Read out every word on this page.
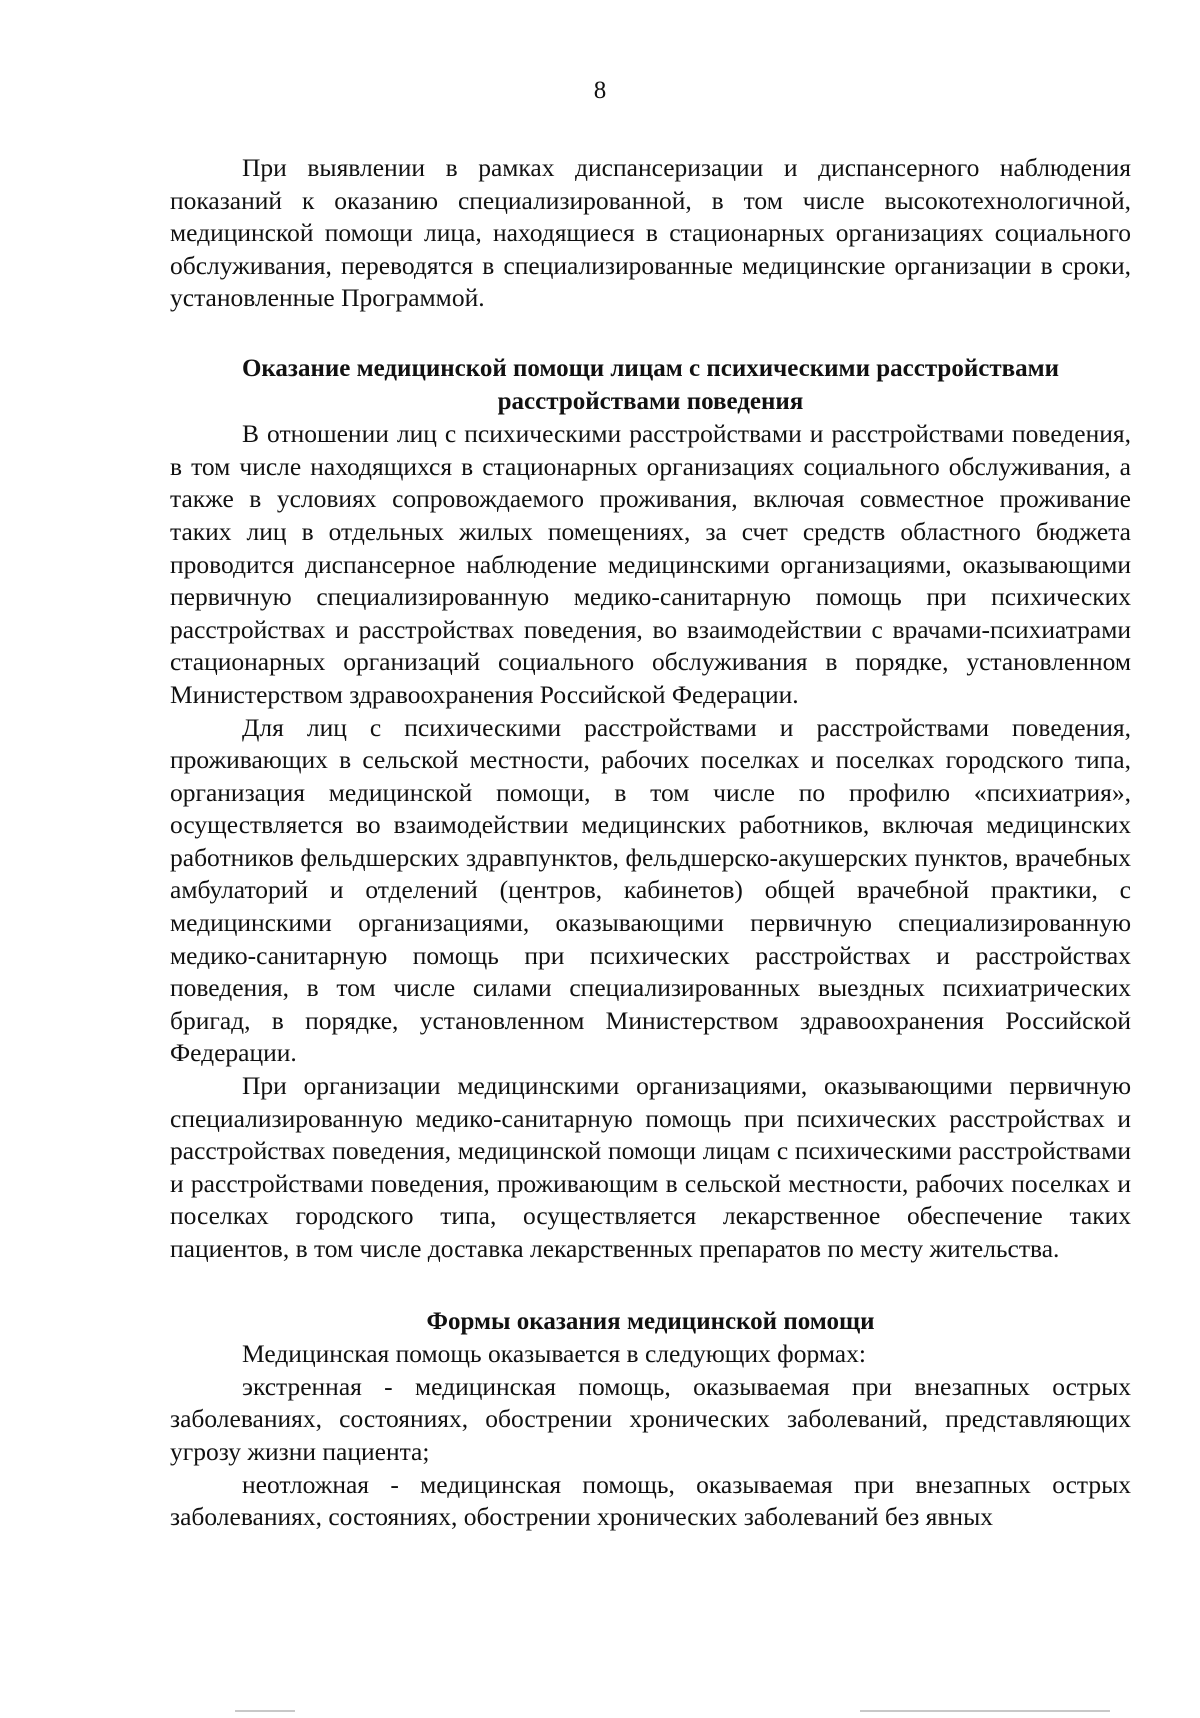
8

При выявлении в рамках диспансеризации и диспансерного наблюдения показаний к оказанию специализированной, в том числе высокотехнологичной, медицинской помощи лица, находящиеся в стационарных организациях социального обслуживания, переводятся в специализированные медицинские организации в сроки, установленные Программой.

Оказание медицинской помощи лицам с психическими расстройствами
расстройствами поведения

В отношении лиц с психическими расстройствами и расстройствами поведения, в том числе находящихся в стационарных организациях социального обслуживания, а также в условиях сопровождаемого проживания, включая совместное проживание таких лиц в отдельных жилых помещениях, за счет средств областного бюджета проводится диспансерное наблюдение медицинскими организациями, оказывающими первичную специализированную медико-санитарную помощь при психических расстройствах и расстройствах поведения, во взаимодействии с врачами-психиатрами стационарных организаций социального обслуживания в порядке, установленном Министерством здравоохранения Российской Федерации.

Для лиц с психическими расстройствами и расстройствами поведения, проживающих в сельской местности, рабочих поселках и поселках городского типа, организация медицинской помощи, в том числе по профилю «психиатрия», осуществляется во взаимодействии медицинских работников, включая медицинских работников фельдшерских здравпунктов, фельдшерско-акушерских пунктов, врачебных амбулаторий и отделений (центров, кабинетов) общей врачебной практики, с медицинскими организациями, оказывающими первичную специализированную медико-санитарную помощь при психических расстройствах и расстройствах поведения, в том числе силами специализированных выездных психиатрических бригад, в порядке, установленном Министерством здравоохранения Российской Федерации.

При организации медицинскими организациями, оказывающими первичную специализированную медико-санитарную помощь при психических расстройствах и расстройствах поведения, медицинской помощи лицам с психическими расстройствами и расстройствами поведения, проживающим в сельской местности, рабочих поселках и поселках городского типа, осуществляется лекарственное обеспечение таких пациентов, в том числе доставка лекарственных препаратов по месту жительства.

Формы оказания медицинской помощи

Медицинская помощь оказывается в следующих формах:

экстренная - медицинская помощь, оказываемая при внезапных острых заболеваниях, состояниях, обострении хронических заболеваний, представляющих угрозу жизни пациента;

неотложная - медицинская помощь, оказываемая при внезапных острых заболеваниях, состояниях, обострении хронических заболеваний без явных
